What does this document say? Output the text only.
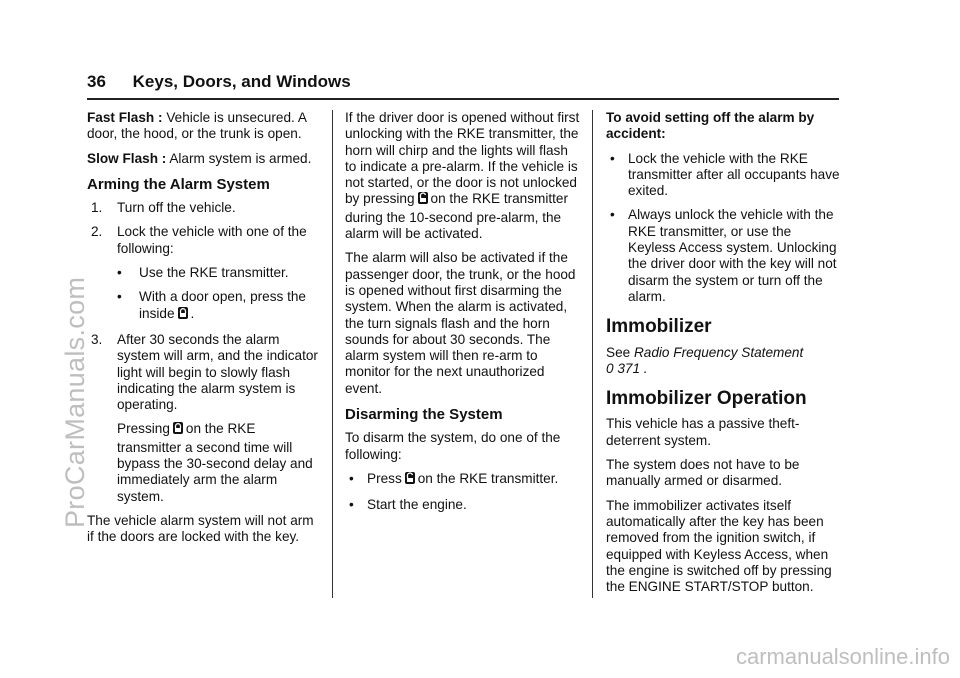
36 Keys, Doors, and Windows

Fast Flash : Vehicle is unsecured. A door, the hood, or the trunk is open.

Slow Flash : Alarm system is armed.

Arming the Alarm System
1. Turn off the vehicle.
2. Lock the vehicle with one of the following:
• Use the RKE transmitter.
• With a door open, press the inside .
3. After 30 seconds the alarm system will arm, and the indicator light will begin to slowly flash indicating the alarm system is operating.

Pressing on the RKE transmitter a second time will bypass the 30-second delay and immediately arm the alarm system.

The vehicle alarm system will not arm if the doors are locked with the key.

If the driver door is opened without first unlocking with the RKE transmitter, the horn will chirp and the lights will flash to indicate a pre-alarm. If the vehicle is not started, or the door is not unlocked by pressing on the RKE transmitter during the 10-second pre-alarm, the alarm will be activated.

The alarm will also be activated if the passenger door, the trunk, or the hood is opened without first disarming the system. When the alarm is activated, the turn signals flash and the horn sounds for about 30 seconds. The alarm system will then re-arm to monitor for the next unauthorized event.

Disarming the System

To disarm the system, do one of the following:

• Press on the RKE transmitter.
• Start the engine.

To avoid setting off the alarm by accident:

• Lock the vehicle with the RKE transmitter after all occupants have exited.
• Always unlock the vehicle with the RKE transmitter, or use the Keyless Access system. Unlocking the driver door with the key will not disarm the system or turn off the alarm.
Immobilizer

See Radio Frequency Statement
0 371 .

Immobilizer Operation

This vehicle has a passive theft-deterrent system.

The system does not have to be manually armed or disarmed.

The immobilizer activates itself automatically after the key has been removed from the ignition switch, if equipped with Keyless Access, when the engine is switched off by pressing the ENGINE START/STOP button.

ProCarManuals.com
carmanualsonline.info
